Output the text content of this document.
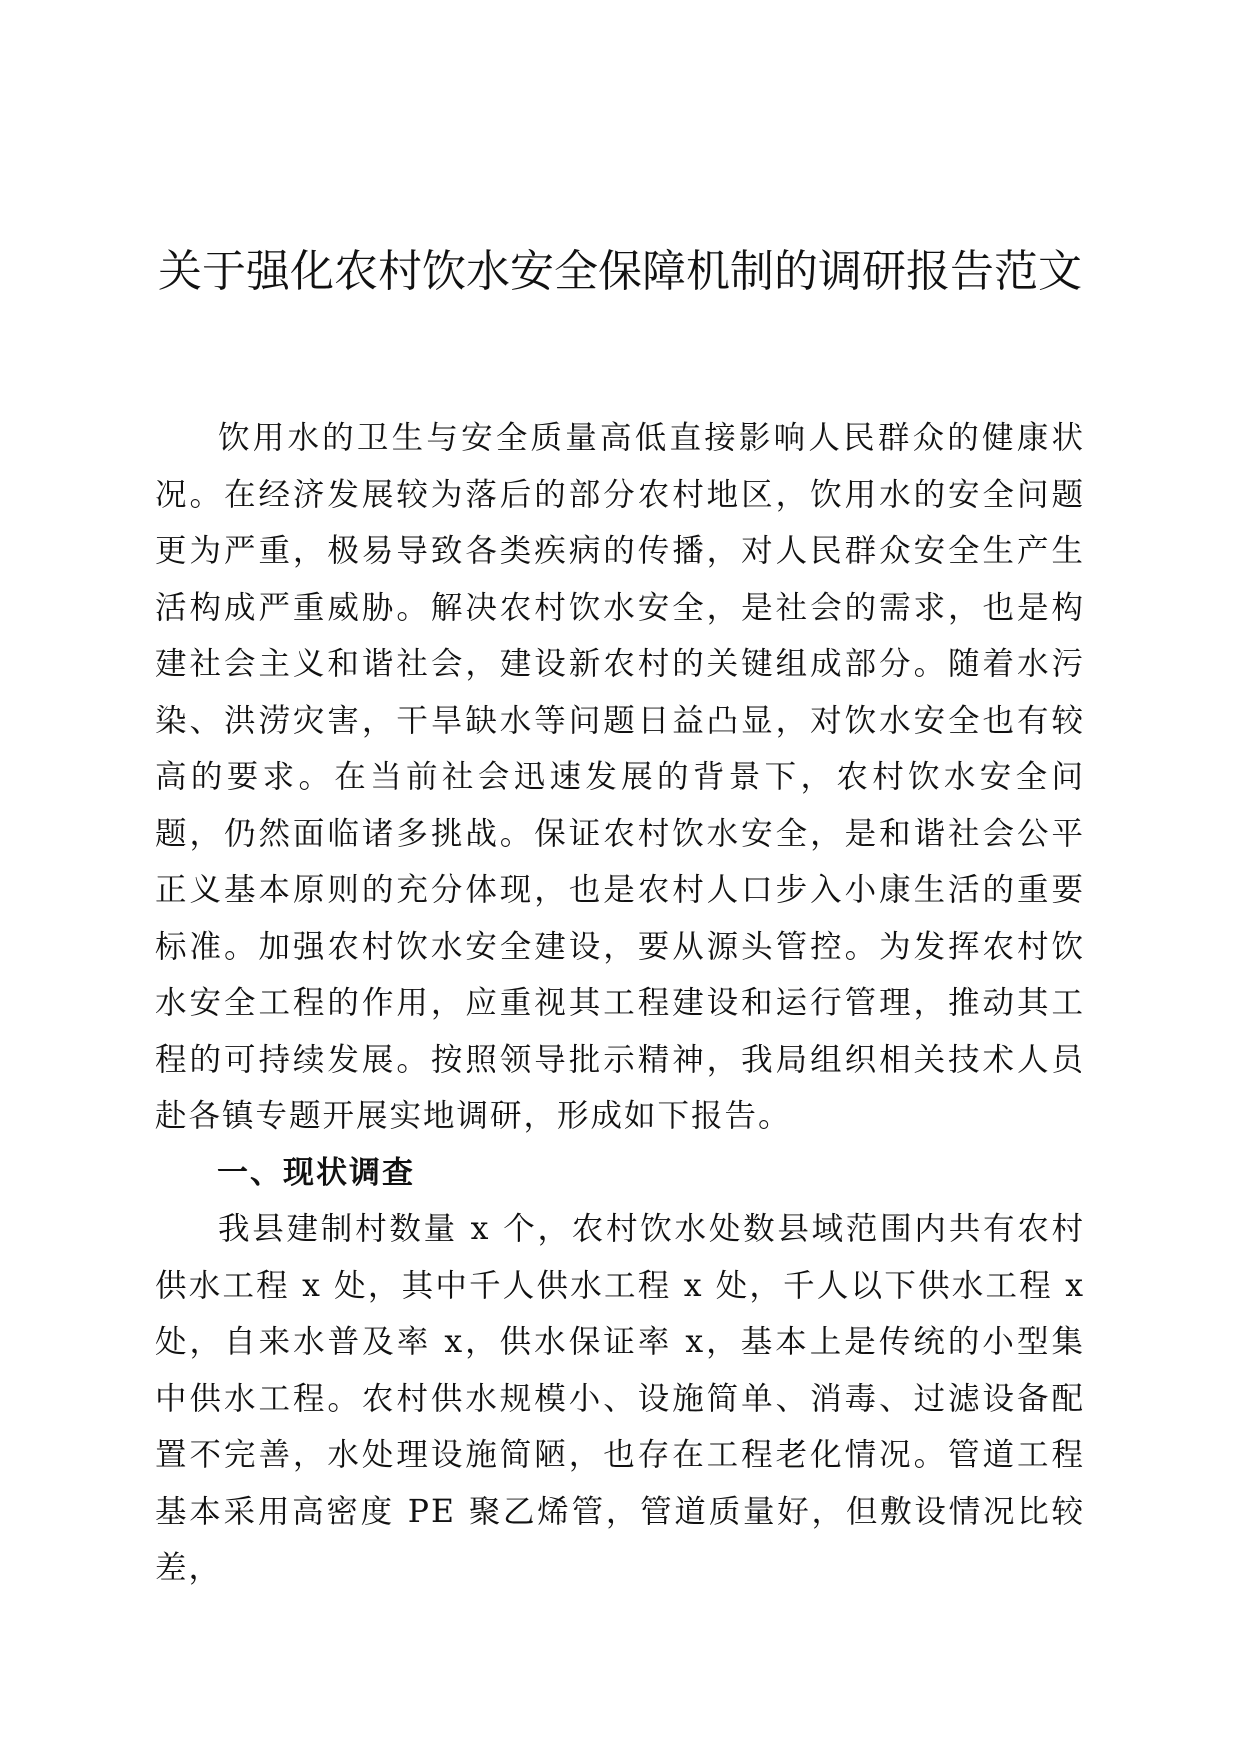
关于强化农村饮水安全保障机制的调研报告范文

饮用水的卫生与安全质量高低直接影响人民群众的健康状况。在经济发展较为落后的部分农村地区，饮用水的安全问题更为严重，极易导致各类疾病的传播，对人民群众安全生产生活构成严重威胁。解决农村饮水安全，是社会的需求，也是构建社会主义和谐社会，建设新农村的关键组成部分。随着水污染、洪涝灾害，干旱缺水等问题日益凸显，对饮水安全也有较高的要求。在当前社会迅速发展的背景下，农村饮水安全问题，仍然面临诸多挑战。保证农村饮水安全，是和谐社会公平正义基本原则的充分体现，也是农村人口步入小康生活的重要标准。加强农村饮水安全建设，要从源头管控。为发挥农村饮水安全工程的作用，应重视其工程建设和运行管理，推动其工程的可持续发展。按照领导批示精神，我局组织相关技术人员赴各镇专题开展实地调研，形成如下报告。

一、现状调查

我县建制村数量 x 个，农村饮水处数县域范围内共有农村供水工程 x 处，其中千人供水工程 x 处，千人以下供水工程 x 处，自来水普及率 x，供水保证率 x，基本上是传统的小型集中供水工程。农村供水规模小、设施简单、消毒、过滤设备配置不完善，水处理设施简陋，也存在工程老化情况。管道工程基本采用高密度 PE 聚乙烯管，管道质量好，但敷设情况比较差，
